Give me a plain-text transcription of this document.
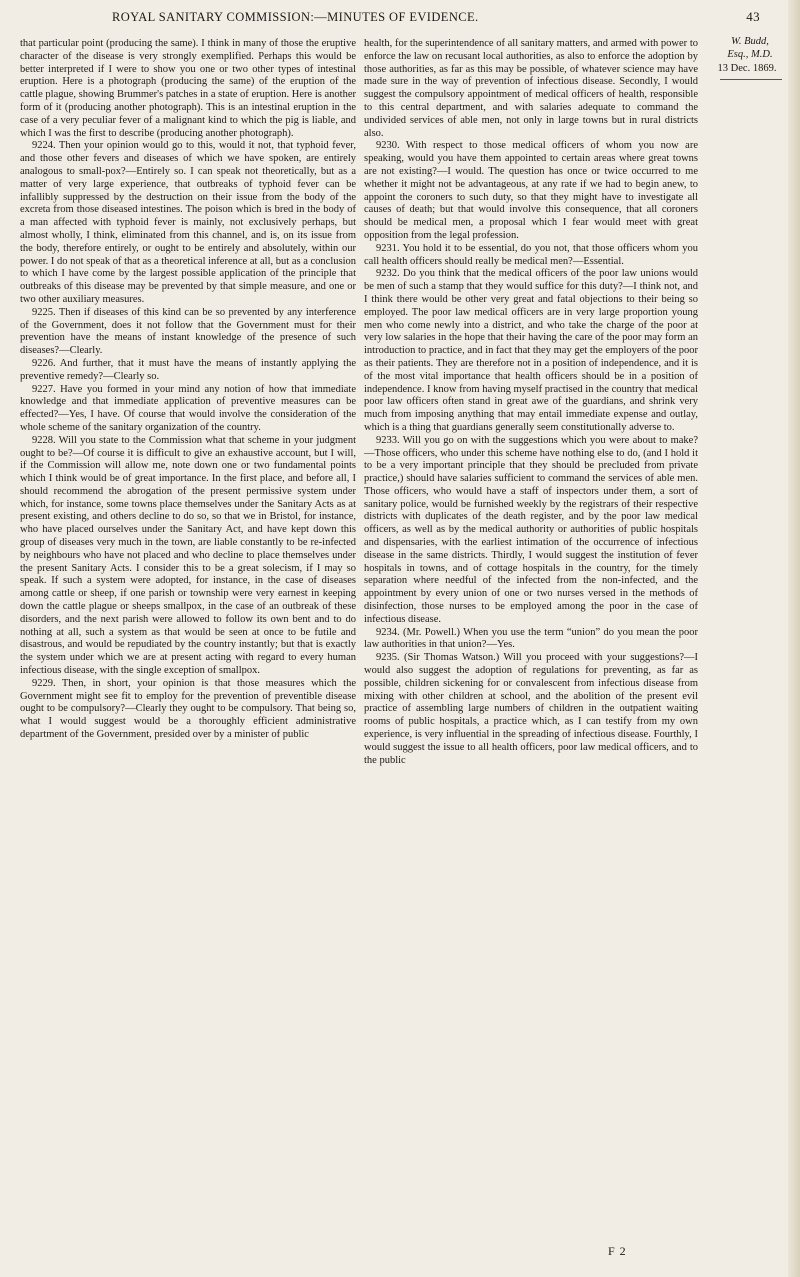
ROYAL SANITARY COMMISSION:—MINUTES OF EVIDENCE.	43

that particular point (producing the same). I think in many of those the eruptive character of the disease is very strongly exemplified. Perhaps this would be better interpreted if I were to show you one or two other types of intestinal eruption. Here is a photograph (producing the same) of the eruption of the cattle plague, showing Brummer's patches in a state of eruption. Here is another form of it (producing another photograph). This is an intestinal eruption in the case of a very peculiar fever of a malignant kind to which the pig is liable, and which I was the first to describe (producing another photograph).

9224. Then your opinion would go to this, would it not, that typhoid fever, and those other fevers and diseases of which we have spoken, are entirely analogous to small-pox?—Entirely so. I can speak not theoretically, but as a matter of very large experience, that outbreaks of typhoid fever can be infallibly suppressed by the destruction on their issue from the body of the excreta from those diseased intestines. The poison which is bred in the body of a man affected with typhoid fever is mainly, not exclusively perhaps, but almost wholly, I think, eliminated from this channel, and is, on its issue from the body, therefore entirely, or ought to be entirely and absolutely, within our power. I do not speak of that as a theoretical inference at all, but as a conclusion to which I have come by the largest possible application of the principle that outbreaks of this disease may be prevented by that simple measure, and one or two other auxiliary measures.

9225. Then if diseases of this kind can be so prevented by any interference of the Government, does it not follow that the Government must for their prevention have the means of instant knowledge of the presence of such diseases?—Clearly.

9226. And further, that it must have the means of instantly applying the preventive remedy?—Clearly so.

9227. Have you formed in your mind any notion of how that immediate knowledge and that immediate application of preventive measures can be effected?—Yes, I have. Of course that would involve the consideration of the whole scheme of the sanitary organization of the country.

9228. Will you state to the Commission what that scheme in your judgment ought to be?—Of course it is difficult to give an exhaustive account, but I will, if the Commission will allow me, note down one or two fundamental points which I think would be of great importance. In the first place, and before all, I should recommend the abrogation of the present permissive system under which, for instance, some towns place themselves under the Sanitary Acts as at present existing, and others decline to do so, so that we in Bristol, for instance, who have placed ourselves under the Sanitary Act, and have kept down this group of diseases very much in the town, are liable constantly to be re-infected by neighbours who have not placed and who decline to place themselves under the present Sanitary Acts. I consider this to be a great solecism, if I may so speak. If such a system were adopted, for instance, in the case of diseases among cattle or sheep, if one parish or township were very earnest in keeping down the cattle plague or sheeps smallpox, in the case of an outbreak of these disorders, and the next parish were allowed to follow its own bent and to do nothing at all, such a system as that would be seen at once to be futile and disastrous, and would be repudiated by the country instantly; but that is exactly the system under which we are at present acting with regard to every human infectious disease, with the single exception of smallpox.

9229. Then, in short, your opinion is that those measures which the Government might see fit to employ for the prevention of preventible disease ought to be compulsory?—Clearly they ought to be compulsory. That being so, what I would suggest would be a thoroughly efficient administrative department of the Government, presided over by a minister of public

health, for the superintendence of all sanitary matters, and armed with power to enforce the law on recusant local authorities, as also to enforce the adoption by those authorities, as far as this may be possible, of whatever science may have made sure in the way of prevention of infectious disease. Secondly, I would suggest the compulsory appointment of medical officers of health, responsible to this central department, and with salaries adequate to command the undivided services of able men, not only in large towns but in rural districts also.

9230. With respect to those medical officers of whom you now are speaking, would you have them appointed to certain areas where great towns are not existing?—I would. The question has once or twice occurred to me whether it might not be advantageous, at any rate if we had to begin anew, to appoint the coroners to such duty, so that they might have to investigate all causes of death; but that would involve this consequence, that all coroners should be medical men, a proposal which I fear would meet with great opposition from the legal profession.

9231. You hold it to be essential, do you not, that those officers whom you call health officers should really be medical men?—Essential.

9232. Do you think that the medical officers of the poor law unions would be men of such a stamp that they would suffice for this duty?—I think not, and I think there would be other very great and fatal objections to their being so employed. The poor law medical officers are in very large proportion young men who come newly into a district, and who take the charge of the poor at very low salaries in the hope that their having the care of the poor may form an introduction to practice, and in fact that they may get the employers of the poor as their patients. They are therefore not in a position of independence, and it is of the most vital importance that health officers should be in a position of independence. I know from having myself practised in the country that medical poor law officers often stand in great awe of the guardians, and shrink very much from imposing anything that may entail immediate expense and outlay, which is a thing that guardians generally seem constitutionally adverse to.

9233. Will you go on with the suggestions which you were about to make?—Those officers, who under this scheme have nothing else to do, (and I hold it to be a very important principle that they should be precluded from private practice,) should have salaries sufficient to command the services of able men. Those officers, who would have a staff of inspectors under them, a sort of sanitary police, would be furnished weekly by the registrars of their respective districts with duplicates of the death register, and by the poor law medical officers, as well as by the medical authority or authorities of public hospitals and dispensaries, with the earliest intimation of the occurrence of infectious disease in the same districts. Thirdly, I would suggest the institution of fever hospitals in towns, and of cottage hospitals in the country, for the timely separation where needful of the infected from the non-infected, and the appointment by every union of one or two nurses versed in the methods of disinfection, those nurses to be employed among the poor in the case of infectious disease.

9234. (Mr. Powell.) When you use the term “union” do you mean the poor law authorities in that union?—Yes.

9235. (Sir Thomas Watson.) Will you proceed with your suggestions?—I would also suggest the adoption of regulations for preventing, as far as possible, children sickening for or convalescent from infectious disease from mixing with other children at school, and the abolition of the present evil practice of assembling large numbers of children in the outpatient waiting rooms of public hospitals, a practice which, as I can testify from my own experience, is very influential in the spreading of infectious disease. Fourthly, I would suggest the issue to all health officers, poor law medical officers, and to the public

W. Budd,
Esq., M.D.
13 Dec. 1869.
F 2
